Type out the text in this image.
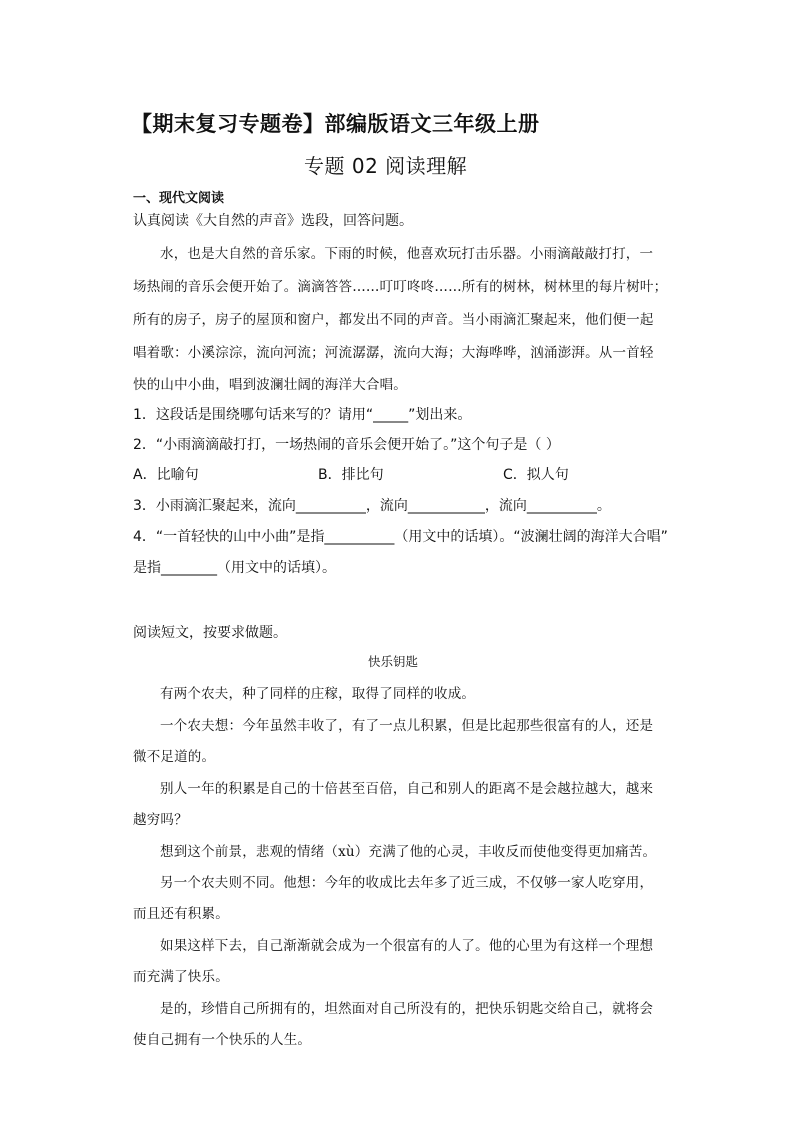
【期末复习专题卷】部编版语文三年级上册
专题 02 阅读理解
一、现代文阅读
认真阅读《大自然的声音》选段，回答问题。
水，也是大自然的音乐家。下雨的时候，他喜欢玩打击乐器。小雨滴敲敲打打，一
场热闹的音乐会便开始了。滴滴答答……叮叮咚咚……所有的树林，树林里的每片树叶；
所有的房子，房子的屋顶和窗户，都发出不同的声音。当小雨滴汇聚起来，他们便一起
唱着歌：小溪淙淙，流向河流；河流潺潺，流向大海；大海哗哗，汹涌澎湃。从一首轻
快的山中小曲，唱到波澜壮阔的海洋大合唱。
1．这段话是围绕哪句话来写的？请用“_____”划出来。
2．“小雨滴滴敲打打，一场热闹的音乐会便开始了。”这个句子是（ ）
A．比喻句	B．排比句	C．拟人句
3．小雨滴汇聚起来，流向__________，流向___________，流向__________。
4．“一首轻快的山中小曲”是指__________（用文中的话填）。“波澜壮阔的海洋大合唱”
是指________（用文中的话填）。
阅读短文，按要求做题。
快乐钥匙
有两个农夫，种了同样的庄稼，取得了同样的收成。
一个农夫想：今年虽然丰收了，有了一点儿积累，但是比起那些很富有的人，还是
微不足道的。
别人一年的积累是自己的十倍甚至百倍，自己和别人的距离不是会越拉越大，越来
越穷吗？
想到这个前景，悲观的情绪（xù）充满了他的心灵，丰收反而使他变得更加痛苦。
另一个农夫则不同。他想：今年的收成比去年多了近三成，不仅够一家人吃穿用，
而且还有积累。
如果这样下去，自己渐渐就会成为一个很富有的人了。他的心里为有这样一个理想
而充满了快乐。
是的，珍惜自己所拥有的，坦然面对自己所没有的，把快乐钥匙交给自己，就将会
使自己拥有一个快乐的人生。
